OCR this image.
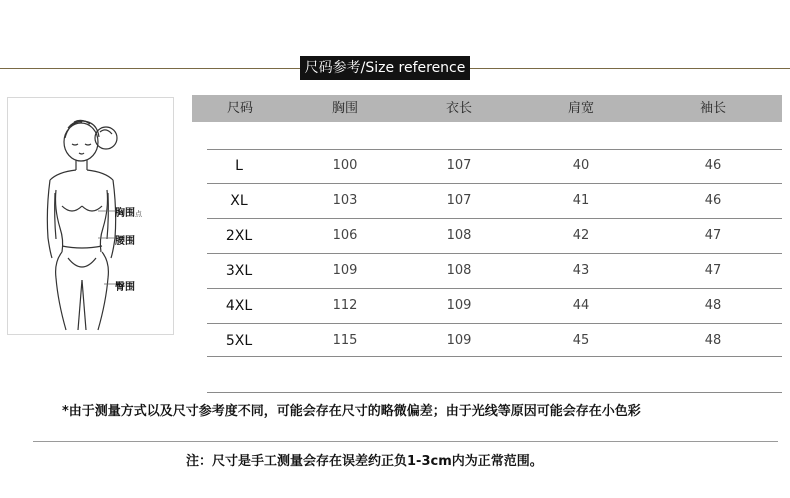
尺码参考/Size reference
胸围点
腰围
臀围
尺码	胸围	衣长	肩宽	袖长
L	100	107	40	46
XL	103	107	41	46
2XL	106	108	42	47
3XL	109	108	43	47
4XL	112	109	44	48
5XL	115	109	45	48
*由于测量方式以及尺寸参考度不同，可能会存在尺寸的略微偏差；由于光线等原因可能会存在小色彩
注：尺寸是手工测量会存在误差约正负1-3cm内为正常范围。
